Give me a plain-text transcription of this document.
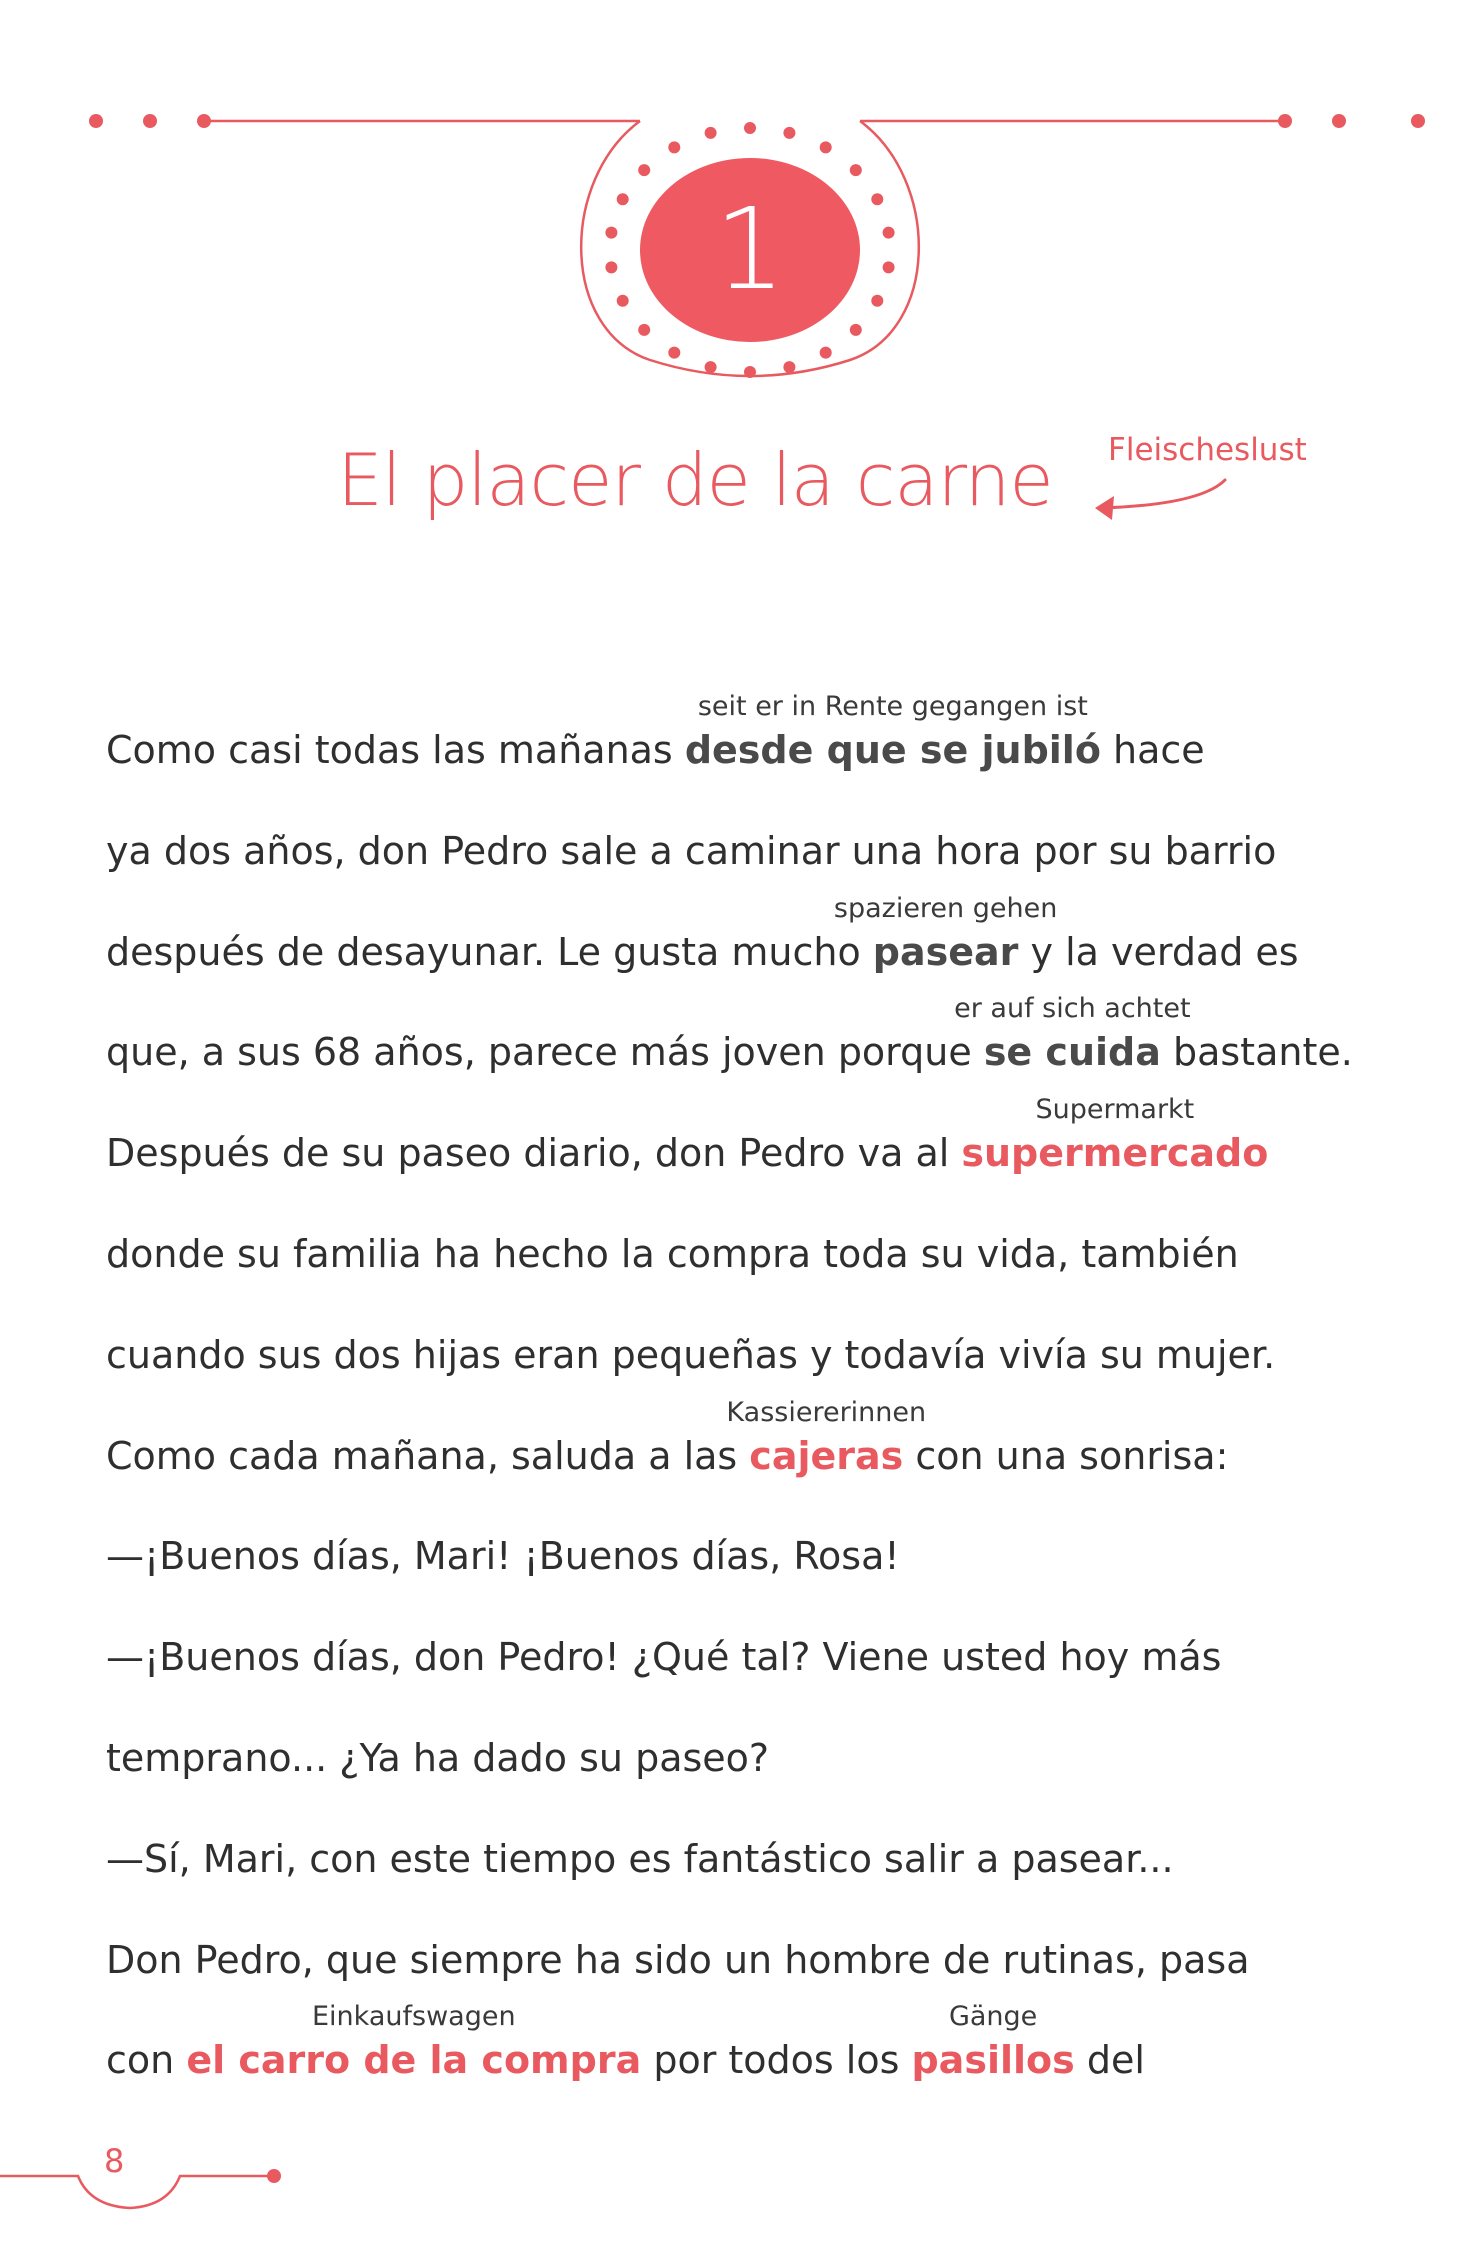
1
El placer de la carne	Fleischeslust
Como casi todas las mañanas
seit er in Rente gegangen ist
desde que se jubiló hace
ya dos años, don Pedro sale a caminar una hora por su barrio
después de desayunar. Le gusta mucho
spazieren gehen
pasear y la verdad es
que, a sus 68 años, parece más joven porque
er auf sich achtet
se cuida bastante.
Después de su paseo diario, don Pedro va al
Supermarkt
supermercado
donde su familia ha hecho la compra toda su vida, también
cuando sus dos hijas eran pequeñas y todavía vivía su mujer.
Como cada mañana, saluda a las
Kassiererinnen
cajeras con una sonrisa:
—¡Buenos días, Mari! ¡Buenos días, Rosa!
—¡Buenos días, don Pedro! ¿Qué tal? Viene usted hoy más
temprano... ¿Ya ha dado su paseo?
—Sí, Mari, con este tiempo es fantástico salir a pasear...
Don Pedro, que siempre ha sido un hombre de rutinas, pasa
con
Einkaufswagen
el carro de la compra por todos los
Gänge
pasillos del
8
